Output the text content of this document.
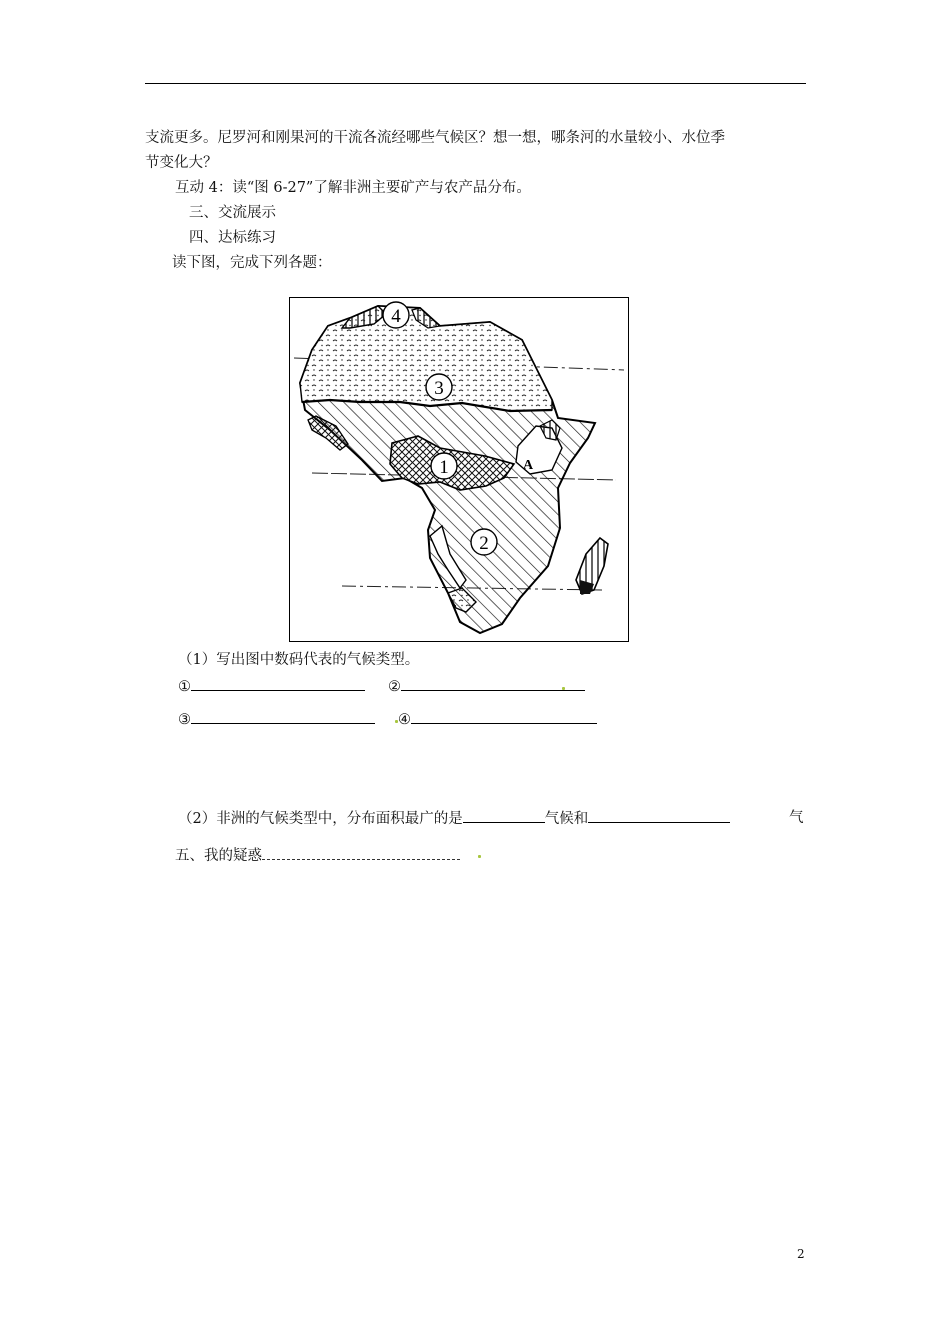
支流更多。尼罗河和刚果河的干流各流经哪些气候区？想一想，哪条河的水量较小、水位季
节变化大？
互动 4：读“图 6-27”了解非洲主要矿产与农产品分布。
三、交流展示
四、达标练习
读下图，完成下列各题：
4
3
1
2
A
（1）写出图中数码代表的气候类型。
①	②
③	④
（2）非洲的气候类型中，分布面积最广的是	气候和	气
五、我的疑惑
2
